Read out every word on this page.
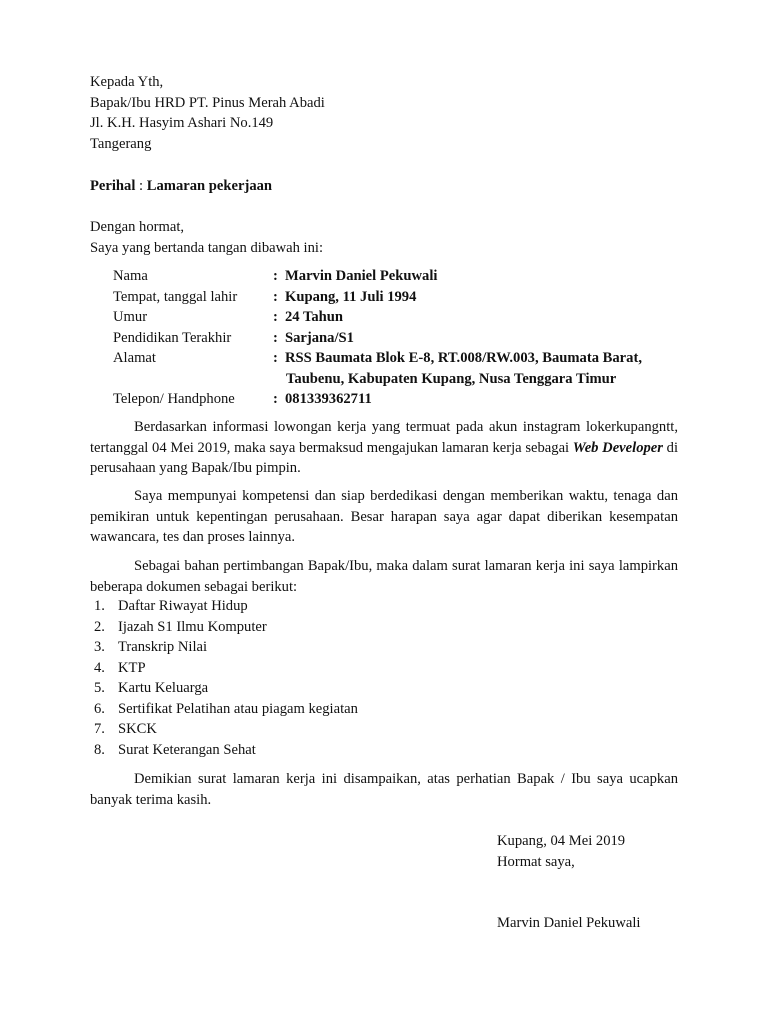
Kepada Yth,
Bapak/Ibu HRD PT. Pinus Merah Abadi
Jl. K.H. Hasyim Ashari No.149
Tangerang
Perihal : Lamaran pekerjaan
Dengan hormat,
Saya yang bertanda tangan dibawah ini:
Nama	: Marvin Daniel Pekuwali
Tempat, tanggal lahir : Kupang, 11 Juli 1994
Umur	: 24 Tahun
Pendidikan Terakhir	: Sarjana/S1
Alamat	: RSS Baumata Blok E-8, RT.008/RW.003, Baumata Barat,
Taubenu, Kabupaten Kupang, Nusa Tenggara Timur
Telepon/ Handphone	: 081339362711
Berdasarkan informasi lowongan kerja yang termuat pada akun instagram lokerkupangntt, tertanggal 04 Mei 2019, maka saya bermaksud mengajukan lamaran kerja sebagai Web Developer di perusahaan yang Bapak/Ibu pimpin.
Saya mempunyai kompetensi dan siap berdedikasi dengan memberikan waktu, tenaga dan pemikiran untuk kepentingan perusahaan. Besar harapan saya agar dapat diberikan kesempatan wawancara, tes dan proses lainnya.
Sebagai bahan pertimbangan Bapak/Ibu, maka dalam surat lamaran kerja ini saya lampirkan beberapa dokumen sebagai berikut:
1. Daftar Riwayat Hidup
2. Ijazah S1 Ilmu Komputer
3. Transkrip Nilai
4. KTP
5. Kartu Keluarga
6. Sertifikat Pelatihan atau piagam kegiatan
7. SKCK
8. Surat Keterangan Sehat
Demikian surat lamaran kerja ini disampaikan, atas perhatian Bapak / Ibu saya ucapkan banyak terima kasih.
Kupang, 04 Mei 2019
Hormat saya,
Marvin Daniel Pekuwali
